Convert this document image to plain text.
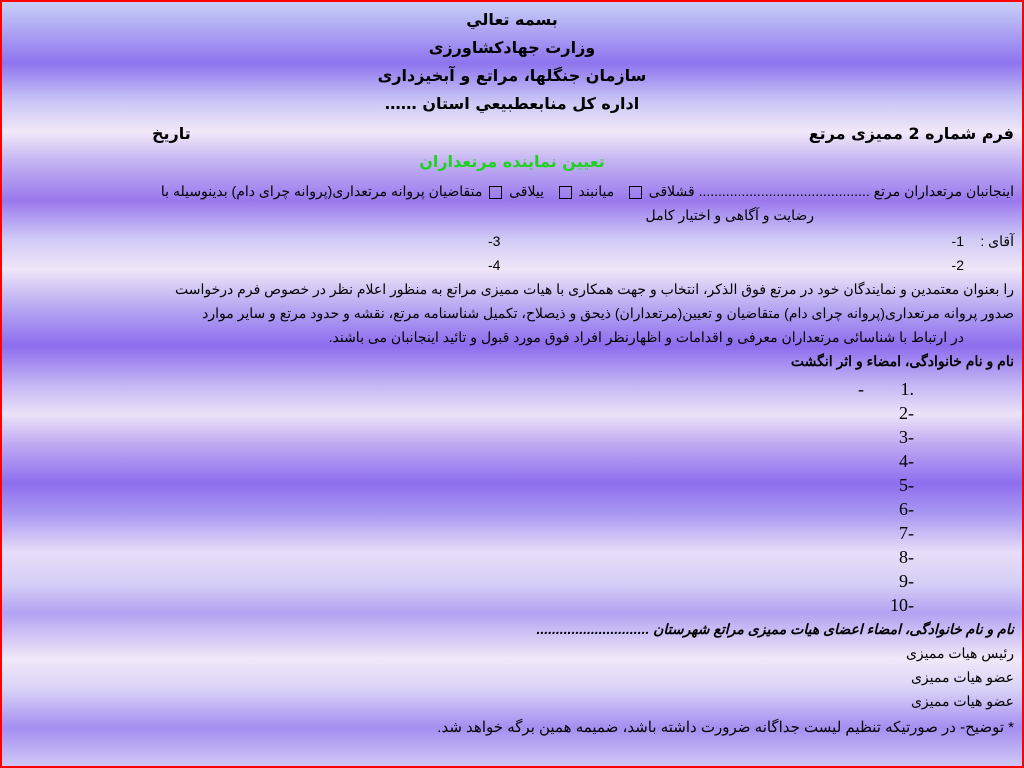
بسمه تعالي
وزارت جهادكشاورزی
سازمان جنگلها، مراتع و آبخیزداری
اداره کل منابعطبيعي استان ……
فرم شماره 2 ممیزی مرتع
تاریخ
تعیین نماینده مرتعداران
اینجانبان مرتعداران مرتع ............................................ قشلاقی    میانبند    ییلاقی  متقاضیان پروانه مرتعداری(پروانه چرای دام) بدینوسیله با
رضایت و آگاهی و اختیار کامل
آقای :
1-
3-
2-
4-
را بعنوان معتمدین و نمایندگان خود در مرتع فوق الذکر، انتخاب و جهت همکاری با هیات ممیزی مراتع به منظور اعلام نظر در خصوص فرم درخواست
صدور پروانه مرتعداری(پروانه چرای دام) متقاضیان و تعیین(مرتعداران) ذیحق و ذیصلاح، تکمیل شناسنامه مرتع، نقشه و حدود مرتع و سایر موارد
در ارتباط با شناسائی مرتعداران معرفی و اقدامات و اظهارنظر افراد فوق مورد قبول و تائید اینجانبان می باشند.
نام و نام خانوادگی، امضاء و اثر انگشت
1.
-
2-
3-
4-
5-
6-
7-
8-
9-
10-
نام و نام خانوادگی، امضاء اعضای هیات ممیزی مراتع شهرستان .............................
رئیس هیات ممیزی
عضو هیات ممیزی
عضو هیات ممیزی
* توضیح- در صورتیکه تنظیم لیست جداگانه ضرورت داشته باشد، ضمیمه همین برگه خواهد شد.
